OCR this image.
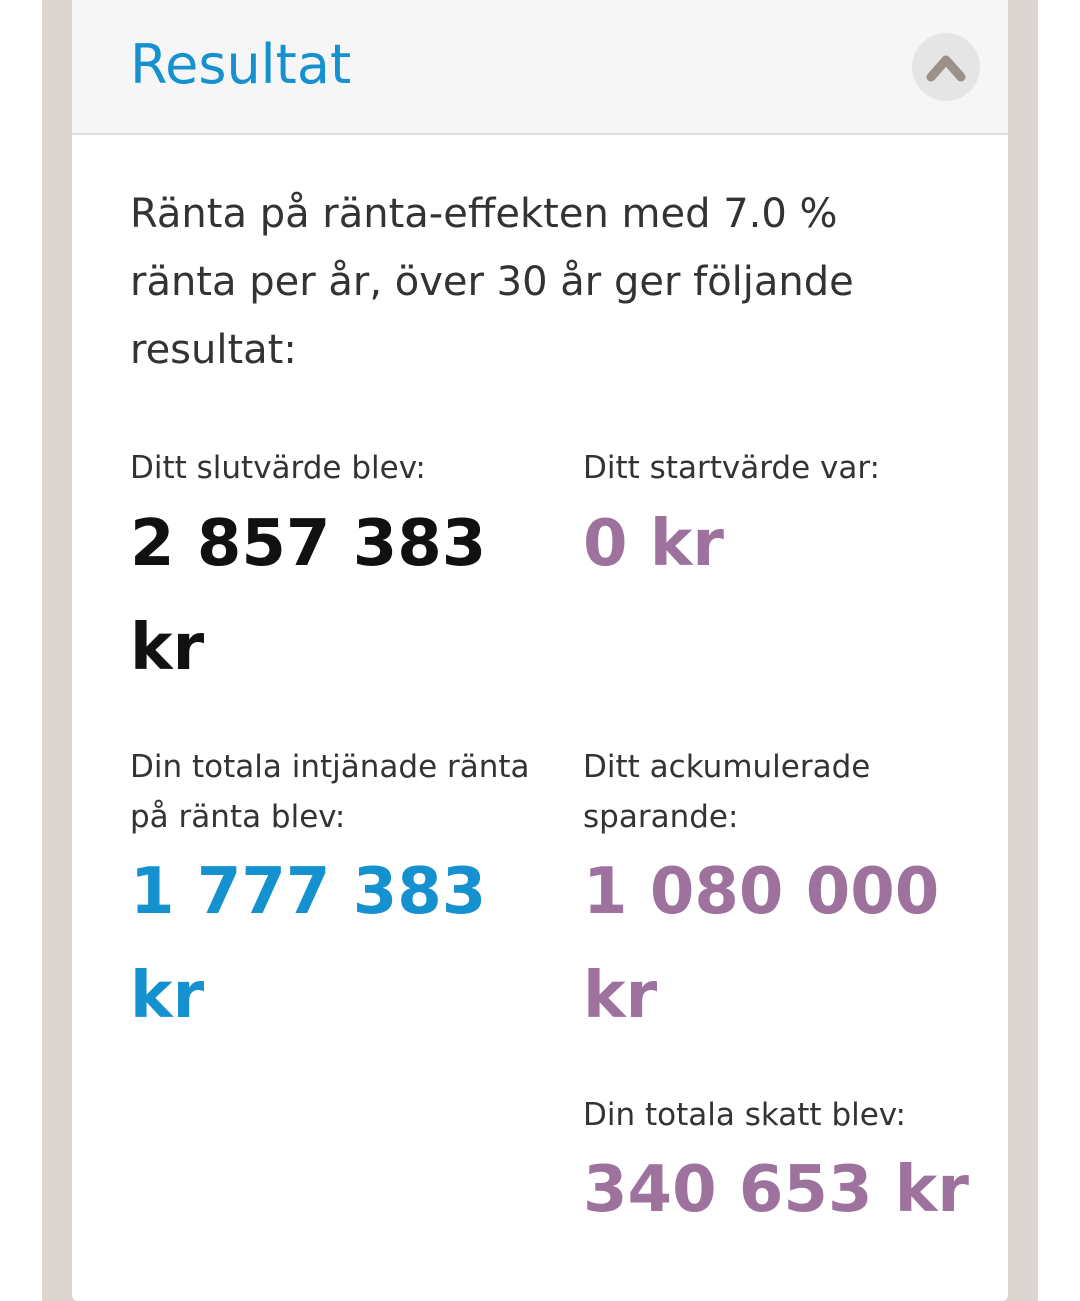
Resultat
Ränta på ränta-effekten med 7.0 % ränta per år, över 30 år ger följande resultat:
Ditt slutvärde blev:
2 857 383 kr
Ditt startvärde var:
0 kr
Din totala intjänade ränta på ränta blev:
1 777 383 kr
Ditt ackumulerade sparande:
1 080 000 kr
Din totala skatt blev:
340 653 kr
